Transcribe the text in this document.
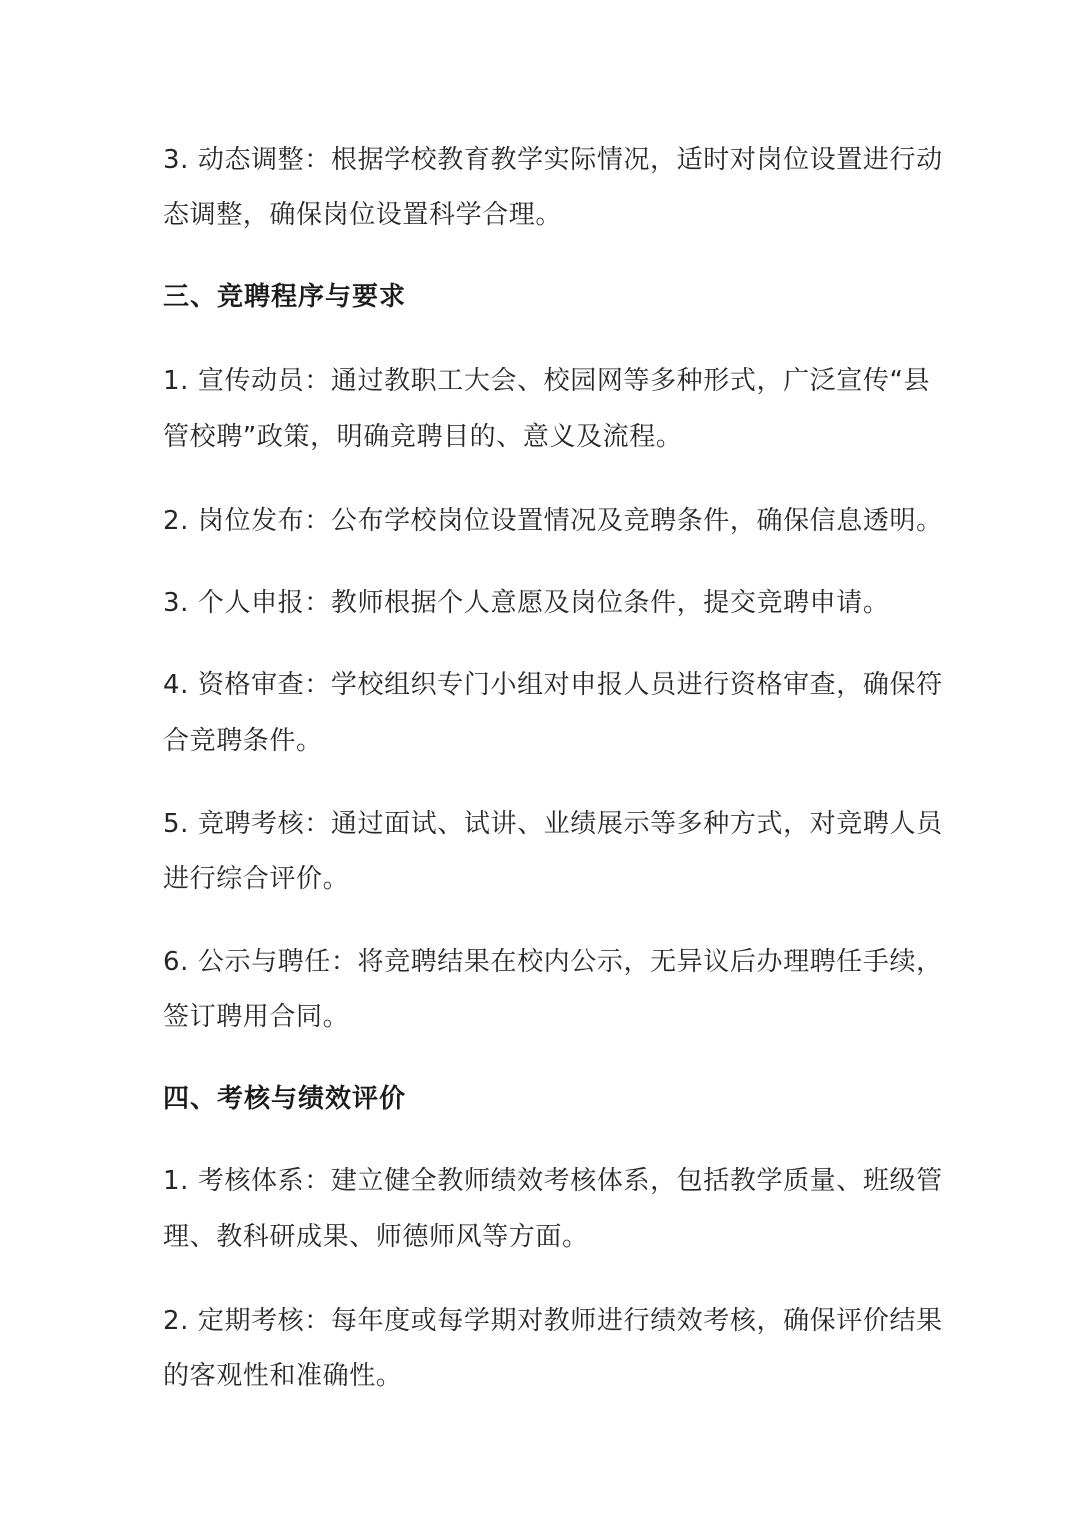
3. 动态调整：根据学校教育教学实际情况，适时对岗位设置进行动
态调整，确保岗位设置科学合理。
三、竞聘程序与要求
1. 宣传动员：通过教职工大会、校园网等多种形式，广泛宣传“县
管校聘”政策，明确竞聘目的、意义及流程。
2. 岗位发布：公布学校岗位设置情况及竞聘条件，确保信息透明。
3. 个人申报：教师根据个人意愿及岗位条件，提交竞聘申请。
4. 资格审查：学校组织专门小组对申报人员进行资格审查，确保符
合竞聘条件。
5. 竞聘考核：通过面试、试讲、业绩展示等多种方式，对竞聘人员
进行综合评价。
6. 公示与聘任：将竞聘结果在校内公示，无异议后办理聘任手续，
签订聘用合同。
四、考核与绩效评价
1. 考核体系：建立健全教师绩效考核体系，包括教学质量、班级管
理、教科研成果、师德师风等方面。
2. 定期考核：每年度或每学期对教师进行绩效考核，确保评价结果
的客观性和准确性。
